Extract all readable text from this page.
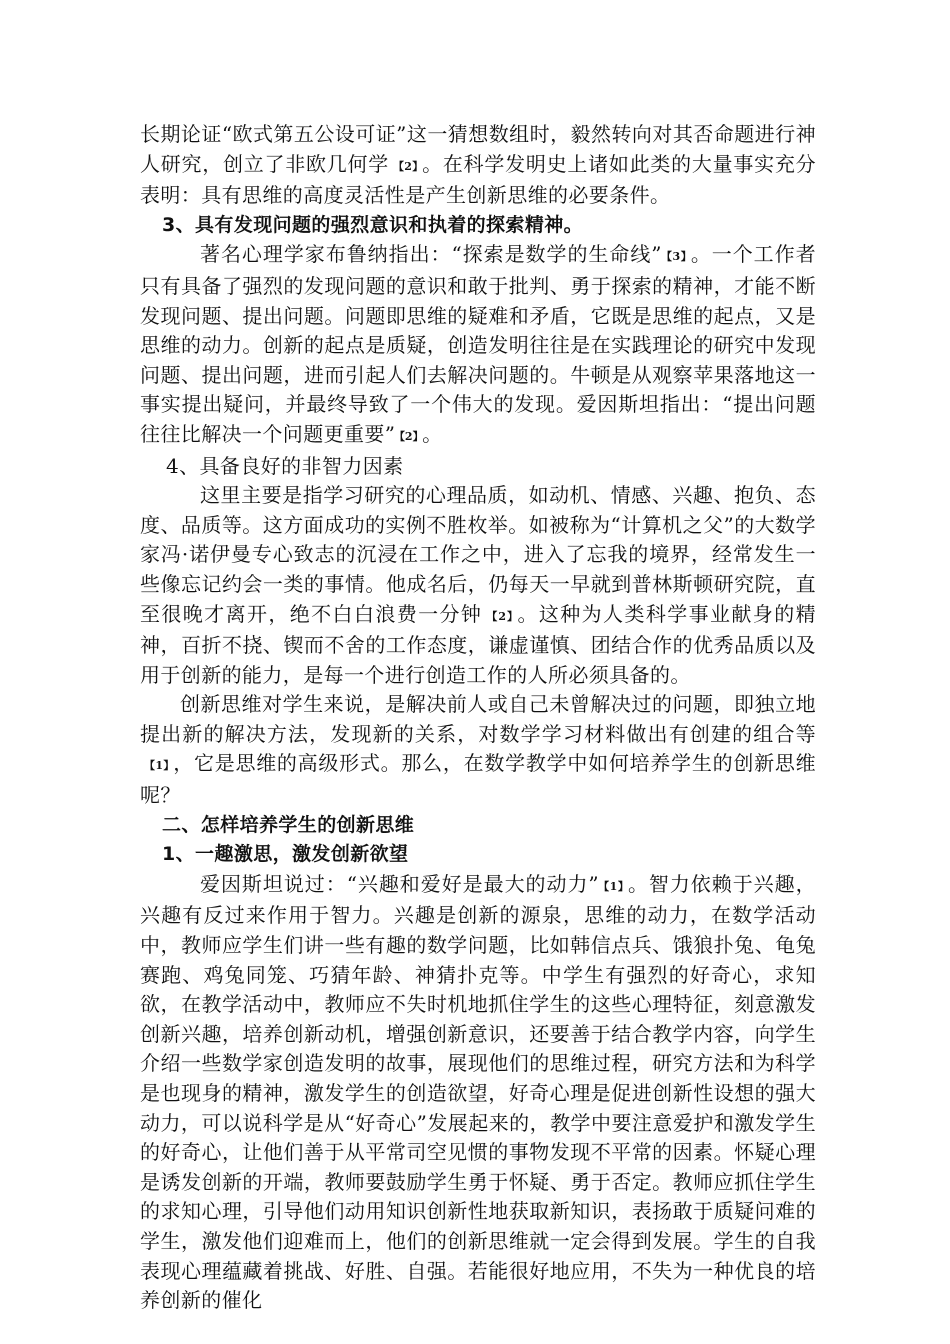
长期论证“欧式第五公设可证”这一猜想数组时，毅然转向对其否命题进行神人研究，创立了非欧几何学 【2】 。在科学发明史上诸如此类的大量事实充分表明：具有思维的高度灵活性是产生创新思维的必要条件。

3、具有发现问题的强烈意识和执着的探索精神。

著名心理学家布鲁纳指出：“探索是数学的生命线” 【3】 。一个工作者只有具备了强烈的发现问题的意识和敢于批判、勇于探索的精神，才能不断发现问题、提出问题。问题即思维的疑难和矛盾，它既是思维的起点，又是思维的动力。创新的起点是质疑，创造发明往往是在实践理论的研究中发现问题、提出问题，进而引起人们去解决问题的。牛顿是从观察苹果落地这一事实提出疑问，并最终导致了一个伟大的发现。爱因斯坦指出：“提出问题往往比解决一个问题更重要” 【2】 。

4、具备良好的非智力因素

这里主要是指学习研究的心理品质，如动机、情感、兴趣、抱负、态度、品质等。这方面成功的实例不胜枚举。如被称为“计算机之父”的大数学家冯·诺伊曼专心致志的沉浸在工作之中，进入了忘我的境界，经常发生一些像忘记约会一类的事情。他成名后，仍每天一早就到普林斯顿研究院，直至很晚才离开，绝不白白浪费一分钟 【2】 。这种为人类科学事业献身的精神，百折不挠、锲而不舍的工作态度，谦虚谨慎、团结合作的优秀品质以及用于创新的能力，是每一个进行创造工作的人所必须具备的。

创新思维对学生来说，是解决前人或自己未曾解决过的问题，即独立地提出新的解决方法，发现新的关系，对数学学习材料做出有创建的组合等【1】 ，它是思维的高级形式。那么，在数学教学中如何培养学生的创新思维呢？

二、怎样培养学生的创新思维

1、一趣激思，激发创新欲望

爱因斯坦说过：“兴趣和爱好是最大的动力” 【1】 。智力依赖于兴趣，兴趣有反过来作用于智力。兴趣是创新的源泉，思维的动力，在数学活动中，教师应学生们讲一些有趣的数学问题，比如韩信点兵、饿狼扑兔、龟兔赛跑、鸡兔同笼、巧猜年龄、神猜扑克等。中学生有强烈的好奇心，求知欲，在教学活动中，教师应不失时机地抓住学生的这些心理特征，刻意激发创新兴趣，培养创新动机，增强创新意识，还要善于结合教学内容，向学生介绍一些数学家创造发明的故事，展现他们的思维过程，研究方法和为科学是也现身的精神，激发学生的创造欲望，好奇心理是促进创新性设想的强大动力，可以说科学是从“好奇心”发展起来的，教学中要注意爱护和激发学生的好奇心，让他们善于从平常司空见惯的事物发现不平常的因素。怀疑心理是诱发创新的开端，教师要鼓励学生勇于怀疑、勇于否定。教师应抓住学生的求知心理，引导他们动用知识创新性地获取新知识，表扬敢于质疑问难的学生，激发他们迎难而上，他们的创新思维就一定会得到发展。学生的自我表现心理蕴藏着挑战、好胜、自强。若能很好地应用，不失为一种优良的培养创新的催化
